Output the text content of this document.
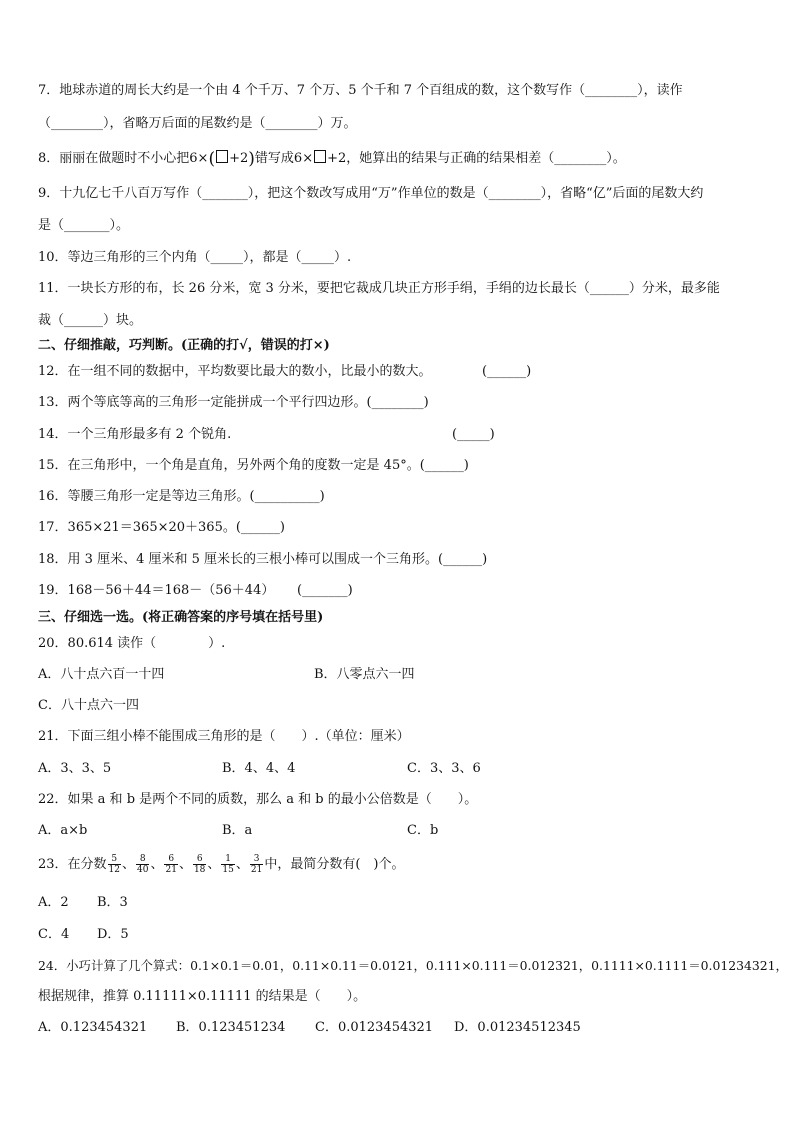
7．地球赤道的周长大约是一个由 4 个千万、7 个万、5 个千和 7 个百组成的数，这个数写作（________），读作
（________），省略万后面的尾数约是（________）万。
8．丽丽在做题时不小心把6×( +2)错写成6× +2，她算出的结果与正确的结果相差（________）。
9．十九亿七千八百万写作（_______），把这个数改写成用“万”作单位的数是（________），省略“亿”后面的尾数大约
是（_______）。
10．等边三角形的三个内角（_____），都是（_____）.
11．一块长方形的布，长 26 分米，宽 3 分米，要把它裁成几块正方形手绢，手绢的边长最长（______）分米，最多能
裁（______）块。
二、仔细推敲，巧判断。(正确的打√，错误的打×)
12．在一组不同的数据中，平均数要比最大的数小，比最小的数大。	(______)
13．两个等底等高的三角形一定能拼成一个平行四边形。(________)
14．一个三角形最多有 2 个锐角.	(_____)
15．在三角形中，一个角是直角，另外两个角的度数一定是 45°。(______)
16．等腰三角形一定是等边三角形。(__________)
17．365×21＝365×20＋365。(______)
18．用 3 厘米、4 厘米和 5 厘米长的三根小棒可以围成一个三角形。(______)
19．168－56＋44＝168－（56＋44）	(_______)
三、仔细选一选。(将正确答案的序号填在括号里)
20．80.614 读作（　　　　）.
A．八十点六百一十四	B．八零点六一四
C．八十点六一四
21．下面三组小棒不能围成三角形的是（　　）.（单位：厘米）
A．3、3、5	B．4、4、4	C．3、3、6
22．如果 a 和 b 是两个不同的质数，那么 a 和 b 的最小公倍数是（　　）。
A．a×b	B．a	C．b
23．在分数 $\frac{5}{12}$ 、 $\frac{8}{40}$ 、 $\frac{6}{21}$ 、 $\frac{6}{18}$ 、 $\frac{1}{15}$ 、 $\frac{3}{21}$ 中，最简分数有(　)个。
A．2 B．3
C．4 D．5
24．小巧计算了几个算式：0.1×0.1＝0.01，0.11×0.11＝0.0121，0.111×0.111＝0.012321，0.1111×0.1111＝0.01234321，
根据规律，推算 0.11111×0.11111 的结果是（　　）。
A．0.123454321 B．0.123451234 C．0.0123454321 D．0.01234512345
